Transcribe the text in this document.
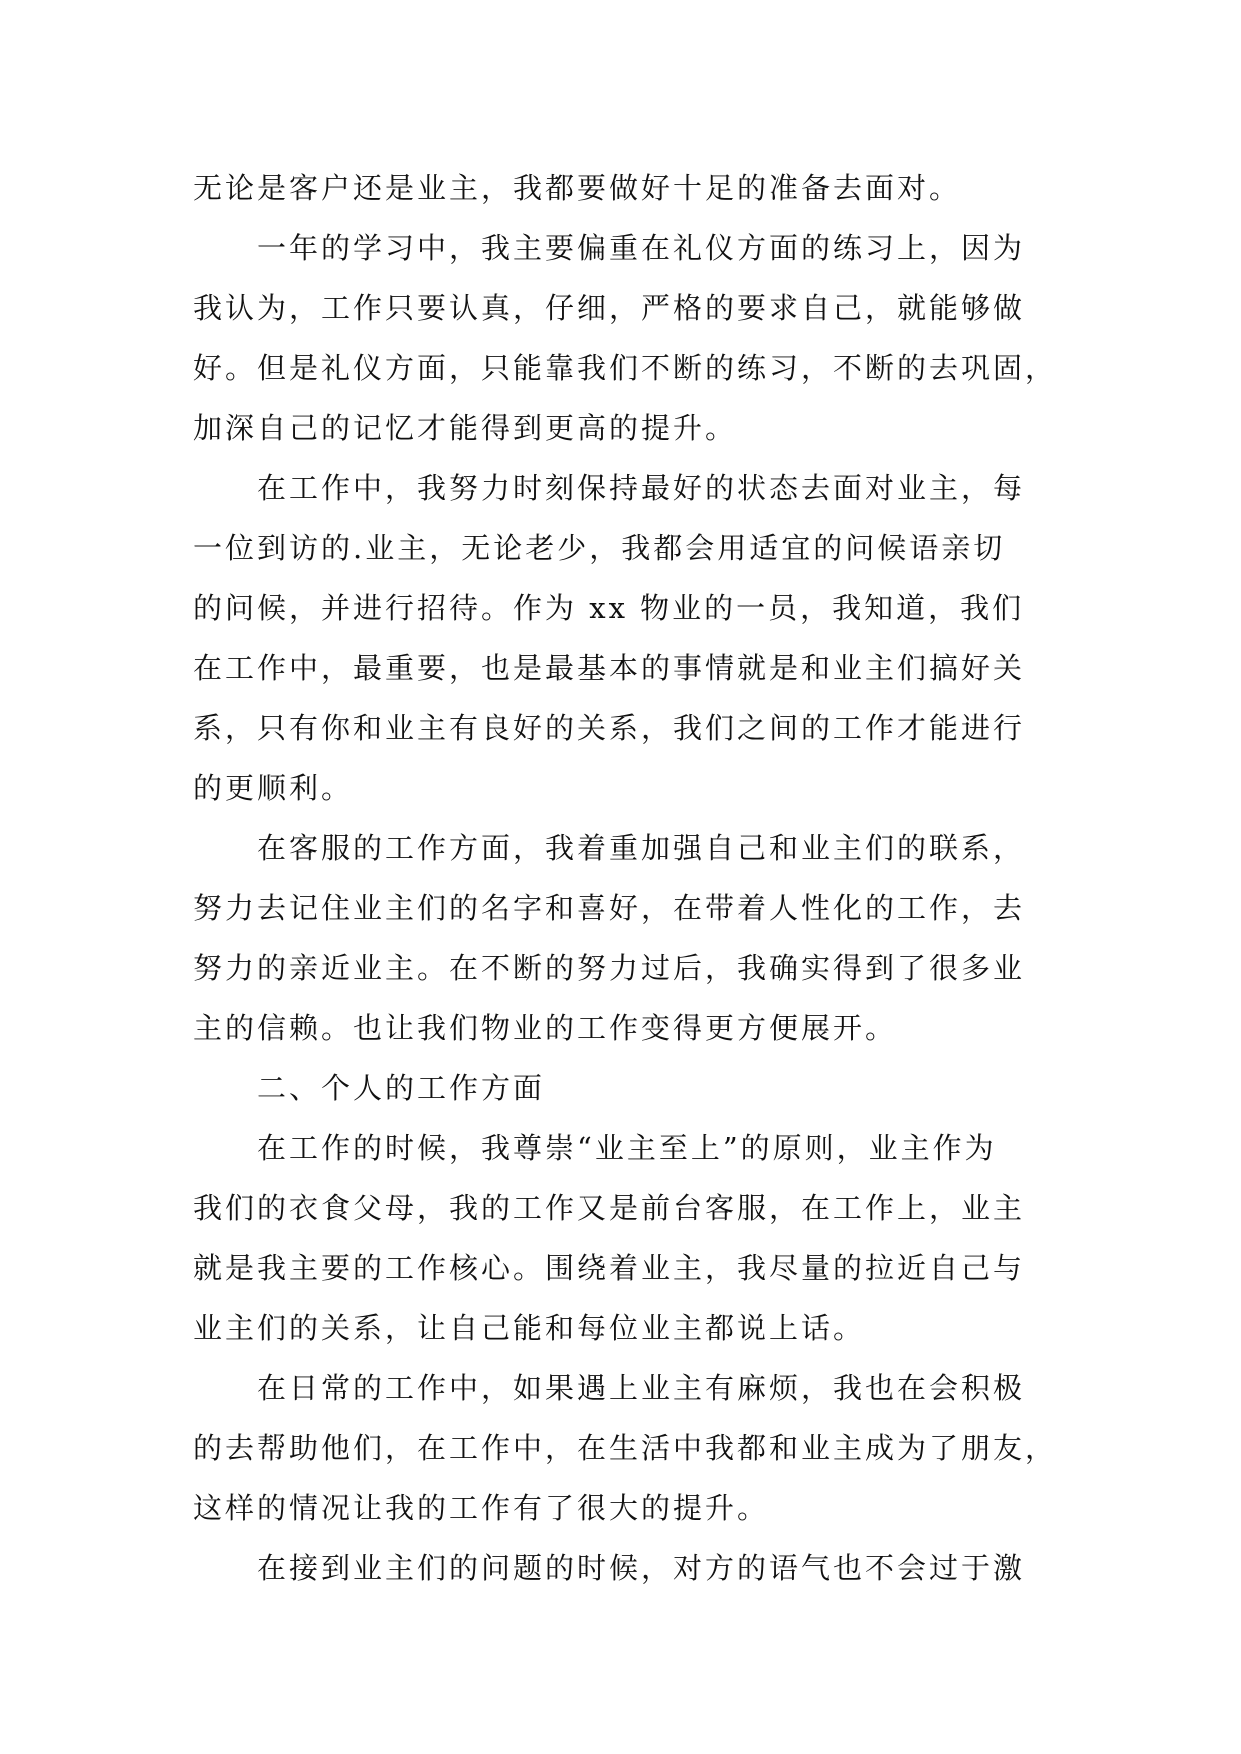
无论是客户还是业主，我都要做好十足的准备去面对。
一年的学习中，我主要偏重在礼仪方面的练习上，因为
我认为，工作只要认真，仔细，严格的要求自己，就能够做
好。但是礼仪方面，只能靠我们不断的练习，不断的去巩固，
加深自己的记忆才能得到更高的提升。
在工作中，我努力时刻保持最好的状态去面对业主，每
一位到访的.业主，无论老少，我都会用适宜的问候语亲切
的问候，并进行招待。作为 xx 物业的一员，我知道，我们
在工作中，最重要，也是最基本的事情就是和业主们搞好关
系，只有你和业主有良好的关系，我们之间的工作才能进行
的更顺利。
在客服的工作方面，我着重加强自己和业主们的联系，
努力去记住业主们的名字和喜好，在带着人性化的工作，去
努力的亲近业主。在不断的努力过后，我确实得到了很多业
主的信赖。也让我们物业的工作变得更方便展开。
二、个人的工作方面
在工作的时候，我尊崇“业主至上”的原则，业主作为
我们的衣食父母，我的工作又是前台客服，在工作上，业主
就是我主要的工作核心。围绕着业主，我尽量的拉近自己与
业主们的关系，让自己能和每位业主都说上话。
在日常的工作中，如果遇上业主有麻烦，我也在会积极
的去帮助他们，在工作中，在生活中我都和业主成为了朋友，
这样的情况让我的工作有了很大的提升。
在接到业主们的问题的时候，对方的语气也不会过于激
